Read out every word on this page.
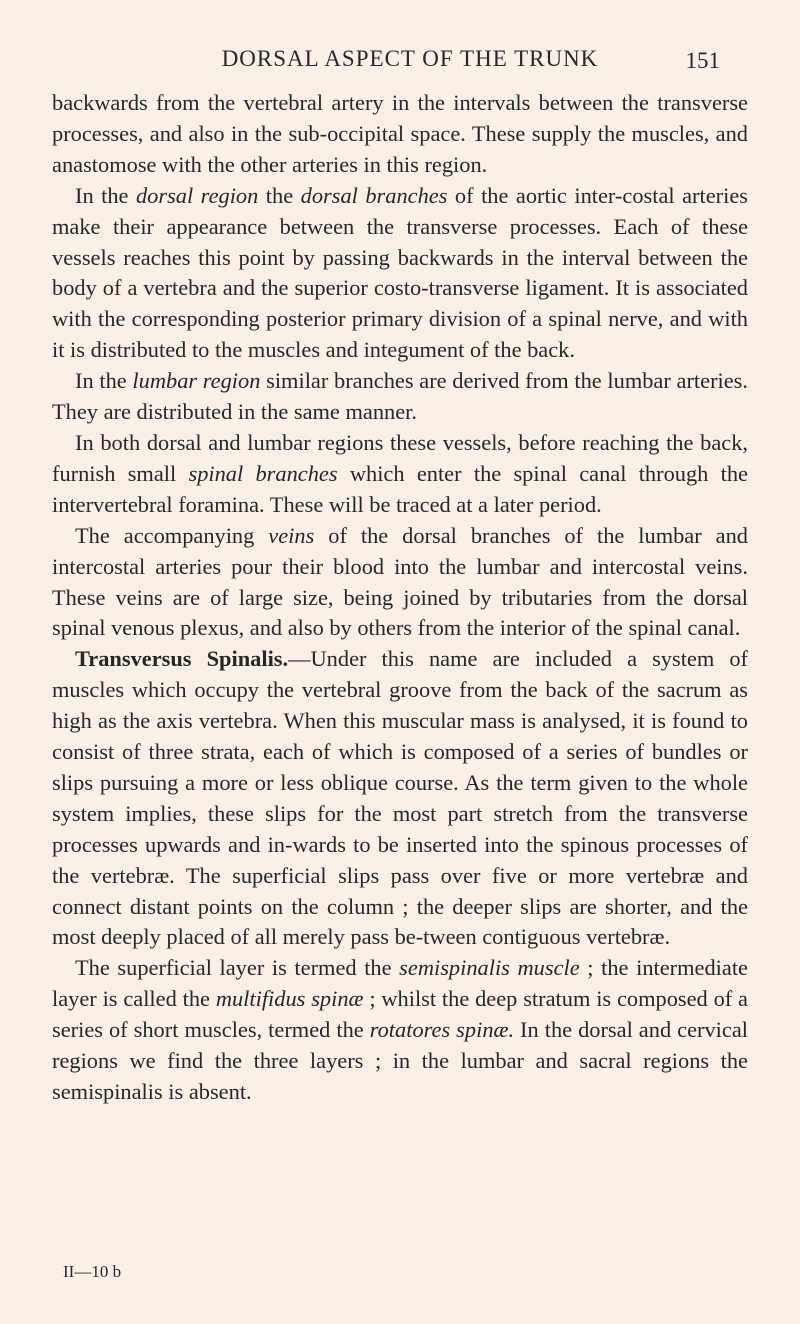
DORSAL ASPECT OF THE TRUNK	151

backwards from the vertebral artery in the intervals between the transverse processes, and also in the sub-occipital space. These supply the muscles, and anastomose with the other arteries in this region.

In the dorsal region the dorsal branches of the aortic inter-costal arteries make their appearance between the transverse processes. Each of these vessels reaches this point by passing backwards in the interval between the body of a vertebra and the superior costo-transverse ligament. It is associated with the corresponding posterior primary division of a spinal nerve, and with it is distributed to the muscles and integument of the back.

In the lumbar region similar branches are derived from the lumbar arteries. They are distributed in the same manner.

In both dorsal and lumbar regions these vessels, before reaching the back, furnish small spinal branches which enter the spinal canal through the intervertebral foramina. These will be traced at a later period.

The accompanying veins of the dorsal branches of the lumbar and intercostal arteries pour their blood into the lumbar and intercostal veins. These veins are of large size, being joined by tributaries from the dorsal spinal venous plexus, and also by others from the interior of the spinal canal.

Transversus Spinalis.—Under this name are included a system of muscles which occupy the vertebral groove from the back of the sacrum as high as the axis vertebra. When this muscular mass is analysed, it is found to consist of three strata, each of which is composed of a series of bundles or slips pursuing a more or less oblique course. As the term given to the whole system implies, these slips for the most part stretch from the transverse processes upwards and in-wards to be inserted into the spinous processes of the vertebræ. The superficial slips pass over five or more vertebræ and connect distant points on the column ; the deeper slips are shorter, and the most deeply placed of all merely pass be-tween contiguous vertebræ.

The superficial layer is termed the semispinalis muscle ; the intermediate layer is called the multifidus spinæ ; whilst the deep stratum is composed of a series of short muscles, termed the rotatores spinæ. In the dorsal and cervical regions we find the three layers ; in the lumbar and sacral regions the semispinalis is absent.

II—10 b
